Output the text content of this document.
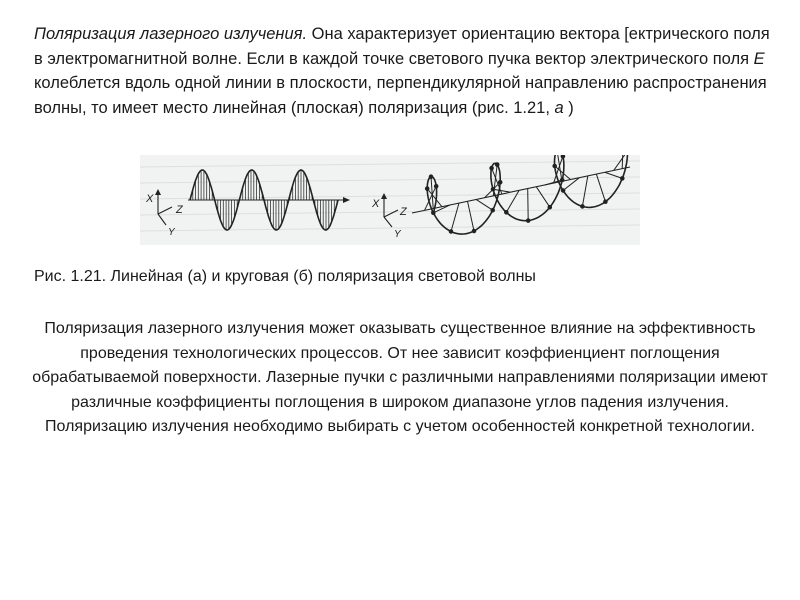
Поляризация лазерного излучения. Она характеризует ориентацию вектора [ектрического поля в электромагнитной волне. Если в каждой точке светового пучка вектор электрического поля E колеблется вдоль одной линии в плоскости, перпендикулярной направлению распространения волны, то имеет место линейная (плоская) поляризация (рис. 1.21, a )
X
Z
Y
X
Z
Y
Рис. 1.21. Линейная (а) и круговая (б) поляризация световой волны
Поляризация лазерного излучения может оказывать существенное влияние на эффективность проведения технологических процессов. От нее зависит коэффиенциент поглощения обрабатываемой поверхности. Лазерные пучки с различными направлениями поляризации имеют различные коэффициенты поглощения в широком диапазоне углов падения излучения. Поляризацию излучения необходимо выбирать с учетом особенностей конкретной технологии.
